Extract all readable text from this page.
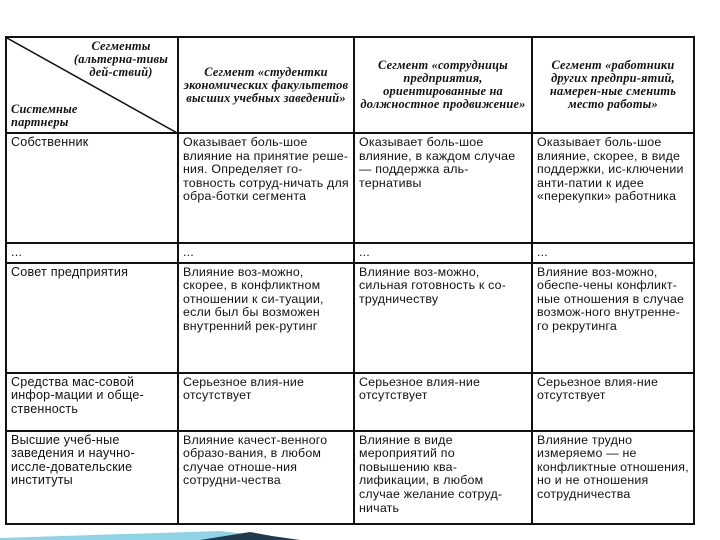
Сегменты (альтерна-тивы дей-ствий)
Системные партнеры	Сегмент «студентки экономических факультетов высших учебных заведений»	Сегмент «сотрудницы предприятия, ориентированные на должностное продвижение»	Сегмент «работники других предпри-ятий, намерен-ные сменить место работы»
Собственник	Оказывает боль-шое влияние на принятие реше-ния. Определяет го-товность сотруд-ничать для обра-ботки сегмента	Оказывает боль-шое влияние, в каждом случае — поддержка аль-тернативы	Оказывает боль-шое влияние, скорее, в виде поддержки, ис-ключении анти-патии к идее «перекупки» работника
...	...	...	...
Совет предприятия	Влияние воз-можно, скорее, в конфликтном отношении к си-туации, если был бы возможен внутренний рек-рутинг	Влияние воз-можно, сильная готовность к со-трудничеству	Влияние воз-можно, обеспе-чены конфликт-ные отношения в случае возмож-ного внутренне-го рекрутинга
Средства мас-совой инфор-мации и обще-ственность	Серьезное влия-ние отсутствует	Серьезное влия-ние отсутствует	Серьезное влия-ние отсутствует
Высшие учеб-ные заведения и научно-иссле-довательские институты	Влияние качест-венного образо-вания, в любом случае отноше-ния сотрудни-чества	Влияние в виде мероприятий по повышению ква-лификации, в любом случае желание сотруд-ничать	Влияние трудно измеряемо — не конфликтные отношения, но и не отношения сотрудничества
